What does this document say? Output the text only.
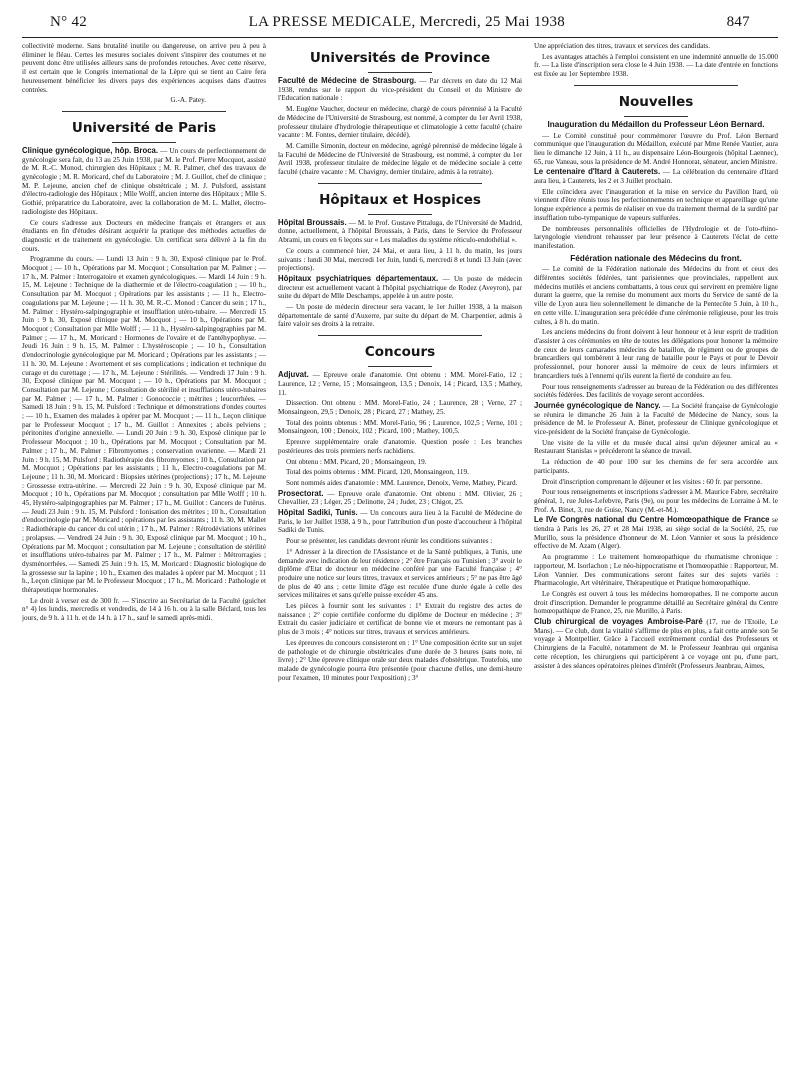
N° 42	LA PRESSE MEDICALE, Mercredi, 25 Mai 1938	847

collectivité moderne. Sans brutalité inutile ou dangereuse, on arrive peu à peu à éliminer le fléau. Certes les mesures sociales doivent s'inspirer des coutumes et ne peuvent donc être utilisées ailleurs sans de profondes retouches. Avec cette réserve, il est certain que le Congrès international de la Lèpre qui se tient au Caire fera heureusement bénéficier les divers pays des expériences acquises dans d'autres contrées.

G.-A. Patey.
Université de Paris

Clinique gynécologique, hôp. Broca. — Un cours de perfectionnement de gynécologie sera fait, du 13 au 25 Juin 1938, par M. le Prof. Pierre Mocquot, assisté de M. R.-C. Monod, chirurgien des Hôpitaux ; M. R. Palmer, chef des travaux de gynécologie ; M. R. Moricard, chef du Laboratoire ; M. J. Guillot, chef de clinique ; M. P. Lejeune, ancien chef de clinique obstétricale ; M. J. Pulsford, assistant d'électro-radiologie des Hôpitaux ; Mlle Wolff, ancien interne des Hôpitaux ; Mlle S. Gothié, préparatrice du Laboratoire, avec la collaboration de M. L. Mallet, électro-radiologiste des Hôpitaux.

Ce cours s'adresse aux Docteurs en médecine français et étrangers et aux étudiants en fin d'études désirant acquérir la pratique des méthodes actuelles de diagnostic et de traitement en gynécologie. Un certificat sera délivré à la fin du cours.

Programme du cours. — Lundi 13 Juin : 9 h. 30, Exposé clinique par le Prof. Mocquot ; — 10 h., Opérations par M. Mocquot ; Consultation par M. Palmer ; — 17 h., M. Palmer : Interrogatoire et examen gynécologiques. — Mardi 14 Juin : 9 h. 15, M. Lejeune : Technique de la diathermie et de l'électro-coagulation ; — 10 h., Consultation par M. Mocquot ; Opérations par les assistants ; — 11 h., Electro-coagulations par M. Lejeune ; — 11 h. 30, M. R.-C. Monod : Cancer du sein ; 17 h., M. Palmer : Hystéro-salpingographie et insufflation utéro-tubaire. — Mercredi 15 Juin : 9 h. 30, Exposé clinique par M. Mocquot ; — 10 h., Opérations par M. Mocquot ; Consultation par Mlle Wolff ; — 11 h., Hystéro-salpingographies par M. Palmer ; — 17 h., M. Moricard : Hormones de l'ovaire et de l'antéhypophyse. — Jeudi 16 Juin : 9 h. 15, M. Palmer : L'hystéroscopie ; — 10 h., Consultation d'endocrinologie gynécologique par M. Moricard ; Opérations par les assistants ; — 11 h. 30, M. Lejeune : Avortement et ses complications ; indication et technique du curage et du curettage ; — 17 h., M. Lejeune : Stérilités. — Vendredi 17 Juin : 9 h. 30, Exposé clinique par M. Mocquot ; — 10 h., Opérations par M. Mocquot ; Consultation par M. Lejeune ; Consultation de stérilité et insufflations utéro-tubaires par M. Palmer ; — 17 h., M. Palmer : Gonococcie ; métrites ; leucorrhées. — Samedi 18 Juin : 9 h. 15, M. Pulsford : Technique et démonstrations d'ondes courtes ; — 10 h., Examen des malades à opérer par M. Mocquot ; — 11 h., Leçon clinique par le Professeur Mocquot ; 17 h., M. Guillot : Annexites ; abcès pelviens ; péritonites d'origine annexielle. — Lundi 20 Juin : 9 h. 30, Exposé clinique par le Professeur Mocquot ; 10 h., Opérations par M. Mocquot ; Consultation par M. Palmer ; 17 h., M. Palmer : Fibromyomes ; conservation ovarienne. — Mardi 21 Juin : 9 h. 15, M. Pulsford : Radiothérapie des fibromyomes ; 10 h., Consultation par M. Mocquot ; Opérations par les assistants ; 11 h., Electro-coagulations par M. Lejeune ; 11 h. 30, M. Moricard : Biopsies utérines (projections) ; 17 h., M. Lejeune : Grossesse extra-utérine. — Mercredi 22 Juin : 9 h. 30, Exposé clinique par M. Mocquot ; 10 h., Opérations par M. Mocquot ; consultation par Mlle Wolff ; 10 h. 45, Hystéro-salpingographies par M. Palmer ; 17 h., M. Guillot : Cancers de l'utérus. — Jeudi 23 Juin : 9 h. 15, M. Pulsford : Ionisation des métrites ; 10 h., Consultation d'endocrinologie par M. Moricard ; opérations par les assistants ; 11 h. 30, M. Mallet : Radiothérapie du cancer du col utérin ; 17 h., M. Palmer : Rétrodéviations utérines ; prolapsus. — Vendredi 24 Juin : 9 h. 30, Exposé clinique par M. Mocquot ; 10 h., Opérations par M. Mocquot ; consultation par M. Lejeune ; consultation de stérilité et insufflations utéro-tubaires par M. Palmer ; 17 h., M. Palmer : Métrorragies ; dysménorrhées. — Samedi 25 Juin : 9 h. 15, M. Moricard : Diagnostic biologique de la grossesse sur la lapine ; 10 h., Examen des malades à opérer par M. Mocquot ; 11 h., Leçon clinique par M. le Professeur Mocquot ; 17 h., M. Moricard : Pathologie et thérapeutique hormonales.

Le droit à verser est de 300 fr. — S'inscrire au Secrétariat de la Faculté (guichet n° 4) les lundis, mercredis et vendredis, de 14 à 16 h. ou à la salle Béclard, tous les jours, de 9 h. à 11 h. et de 14 h. à 17 h., sauf le samedi après-midi.

Universités de Province

Faculté de Médecine de Strasbourg. — Par décrets en date du 12 Mai 1938, rendus sur le rapport du vice-président du Conseil et du Ministre de l'Education nationale :

M. Eugène Vaucher, docteur en médecine, chargé de cours pérennisé à la Faculté de Médecine de l'Université de Strasbourg, est nommé, à compter du 1er Avril 1938, professeur titulaire d'hydrologie thérapeutique et climatologie à cette faculté (chaire vacante : M. Fontes, dernier titulaire, décédé).

M. Camille Simonin, docteur en médecine, agrégé pérennisé de médecine légale à la Faculté de Médecine de l'Université de Strasbourg, est nommé, à compter du 1er Avril 1938, professeur titulaire de médecine légale et de médecine sociale à cette faculté (chaire vacante : M. Chavigny, dernier titulaire, admis à la retraite).

Hôpitaux et Hospices

Hôpital Broussais. — M. le Prof. Gustave Pittaluga, de l'Université de Madrid, donne, actuellement, à l'hôpital Broussais, à Paris, dans le Service du Professeur Abrami, un cours en 6 leçons sur « Les maladies du système réticulo-endothélial ».

Ce cours a commencé hier, 24 Mai, et aura lieu, à 11 h. du matin, les jours suivants : lundi 30 Mai, mercredi 1er Juin, lundi 6, mercredi 8 et lundi 13 Juin (avec projections).

Hôpitaux psychiatriques départementaux. — Un poste de médecin directeur est actuellement vacant à l'hôpital psychiatrique de Rodez (Aveyron), par suite du départ de Mlle Deschamps, appelée à un autre poste.

— Un poste de médecin directeur sera vacant, le 1er Juillet 1938, à la maison départementale de santé d'Auxerre, par suite du départ de M. Charpentier, admis à faire valoir ses droits à la retraite.

Concours

Adjuvat. — Epreuve orale d'anatomie. Ont obtenu : MM. Morel-Fatio, 12 ; Laurence, 12 ; Verne, 15 ; Monsaingeon, 13,5 ; Denoix, 14 ; Picard, 13,5 ; Mathey, 11.

Dissection. Ont obtenu : MM. Morel-Fatio, 24 ; Laurence, 28 ; Verne, 27 ; Monsaingeon, 29,5 ; Denoix, 28 ; Picard, 27 ; Mathey, 25.

Total des points obtenus : MM. Morel-Fatio, 96 ; Laurence, 102,5 ; Verne, 101 ; Monsaingeon, 100 ; Denoix, 102 ; Picard, 100 ; Mathey, 100,5.

Epreuve supplémentaire orale d'anatomie. Question posée : Les branches postérieures des trois premiers nerfs rachidiens.

Ont obtenu : MM. Picard, 20 ; Monsaingeon, 19.

Total des points obtenus : MM. Picard, 120, Monsaingeon, 119.

Sont nommés aides d'anatomie : MM. Laurence, Denoix, Verne, Mathey, Picard.

Prosectorat. — Epreuve orale d'anatomie. Ont obtenu : MM. Olivier, 26 ; Chevallier, 23 ; Léger, 25 ; Delinotte, 24 ; Judet, 23 ; Chigot, 25.

Hôpital Sadiki, Tunis. — Un concours aura lieu à la Faculté de Médecine de Paris, le 1er Juillet 1938, à 9 h., pour l'attribution d'un poste d'accoucheur à l'hôpital Sadiki de Tunis.

Pour se présenter, les candidats devront réunir les conditions suivantes :

1° Adresser à la direction de l'Assistance et de la Santé publiques, à Tunis, une demande avec indication de leur résidence ; 2° être Français ou Tunisien ; 3° avoir le diplôme d'Etat de docteur en médecine conféré par une Faculté française ; 4° produire une notice sur leurs titres, travaux et services antérieurs ; 5° ne pas être âgé de plus de 40 ans ; cette limite d'âge est reculée d'une durée égale à celle des services militaires et sans qu'elle puisse excéder 45 ans.

Les pièces à fournir sont les suivantes : 1° Extrait du registre des actes de naissance ; 2° copie certifiée conforme du diplôme de Docteur en médecine ; 3° Extrait du casier judiciaire et certificat de bonne vie et mœurs ne remontant pas à plus de 3 mois ; 4° notices sur titres, travaux et services antérieurs.

Les épreuves du concours consisteront en : 1° Une composition écrite sur un sujet de pathologie et de chirurgie obstétricales d'une durée de 3 heures (sans note, ni livre) ; 2° Une épreuve clinique orale sur deux malades d'obstétrique. Toutefois, une malade de gynécologie pourra être présentée (pour chacune d'elles, une demi-heure pour l'examen, 10 minutes pour l'exposition) ; 3°

Une appréciation des titres, travaux et services des candidats.

Les avantages attachés à l'emploi consistent en une indemnité annuelle de 15.000 fr. — La liste d'inscription sera close le 4 Juin 1938. — La date d'entrée en fonctions est fixée au 1er Septembre 1938.

Nouvelles
Inauguration du Médaillon du Professeur Léon Bernard.

— Le Comité constitué pour commémorer l'œuvre du Prof. Léon Bernard communique que l'inauguration du Médaillon, exécuté par Mme Renée Vautier, aura lieu le dimanche 12 Juin, à 11 h., au dispensaire Léon-Bourgeois (hôpital Laennec), 65, rue Vaneau, sous la présidence de M. André Honnorat, sénateur, ancien Ministre.

Le centenaire d'Itard à Cauterets. — La célébration du centenaire d'Itard aura lieu, à Cauterets, les 2 et 3 Juillet prochain.

Elle coïncidera avec l'inauguration et la mise en service du Pavillon Itard, où viennent d'être réunis tous les perfectionnements en technique et appareillage qu'une longue expérience a permis de réaliser en vue du traitement thermal de la surdité par insufflation tubo-tympanique de vapeurs sulfurées.

De nombreuses personnalités officielles de l'Hydrologie et de l'oto-rhino-laryngologie viendront rehausser par leur présence à Cauterets l'éclat de cette manifestation.

Fédération nationale des Médecins du front.

— Le comité de la Fédération nationale des Médecins du front et ceux des différentes sociétés fédérées, tant parisiennes que provinciales, rappellent aux médecins mutilés et anciens combattants, à tous ceux qui servirent en première ligne durant la guerre, que la remise du monument aux morts du Service de santé de la ville de Lyon aura lieu solennellement le dimanche de la Pentecôte 5 Juin, à 10 h., en cette ville. L'inauguration sera précédée d'une cérémonie religieuse, pour les trois cultes, à 8 h. du matin.

Les anciens médecins du front doivent à leur honneur et à leur esprit de tradition d'assister à ces cérémonies en tête de toutes les délégations pour honorer la mémoire de ceux de leurs camarades médecins de bataillon, de régiment ou de groupes de brancardiers qui tombèrent à leur rang de bataille pour le Pays et pour le Devoir professionnel, pour honorer aussi la mémoire de ceux de leurs infirmiers et brancardiers tués à l'ennemi qu'ils eurent la fierté de conduire au feu.

Pour tous renseignements s'adresser au bureau de la Fédération ou des différentes sociétés fédérées. Des facilités de voyage seront accordées.

Journée gynécologique de Nancy. — La Société française de Gynécologie se réunira le dimanche 26 Juin à la Faculté de Médecine de Nancy, sous la présidence de M. le Professeur A. Binet, professeur de Clinique gynécologique et vice-président de la Société française de Gynécologie.

Une visite de la ville et du musée ducal ainsi qu'un déjeuner amical au « Restaurant Stanislas » précéderont la séance de travail.

La réduction de 40 pour 100 sur les chemins de fer sera accordée aux participants.

Droit d'inscription comprenant le déjeuner et les visites : 60 fr. par personne.

Pour tous renseignements et inscriptions s'adresser à M. Maurice Fabre, secrétaire général, 1, rue Jules-Lefebvre, Paris (9e), ou pour les médecins de Lorraine à M. le Prof. A. Binet, 3, rue de Guise, Nancy (M.-et-M.).

Le IVe Congrès national du Centre Homœopathique de France se tiendra à Paris les 26, 27 et 28 Mai 1938, au siège social de la Société, 25, rue Murillo, sous la présidence d'honneur de M. Léon Vannier et sous la présidence effective de M. Azam (Alger).

Au programme : Le traitement homœopathique du rhumatisme chronique : rapporteur, M. Isorlachon ; Le néo-hippocratisme et l'homœopathie : Rapporteur, M. Léon Vannier. Des communications seront faites sur des sujets variés : Pharmacologie, Art vétérinaire, Thérapeutique et Pratique homœopathique.

Le Congrès est ouvert à tous les médecins homœopathes. Il ne comporte aucun droit d'inscription. Demander le programme détaillé au Secrétaire général du Centre homœopathique de France, 25, rue Murillo, à Paris.

Club chirurgical de voyages Ambroise-Paré (17, rue de l'Etoile, Le Mans). — Ce club, dont la vitalité s'affirme de plus en plus, a fait cette année son 5e voyage à Montpellier. Grâce à l'accueil extrêmement cordial des Professeurs et Chirurgiens de la Faculté, notamment de M. le Professeur Jeanbrau qui organisa cette réception, les chirurgiens qui participèrent à ce voyage ont pu, d'une part, assister à des séances opératoires pleines d'intérêt (Professeurs Jeanbrau, Aimes,
